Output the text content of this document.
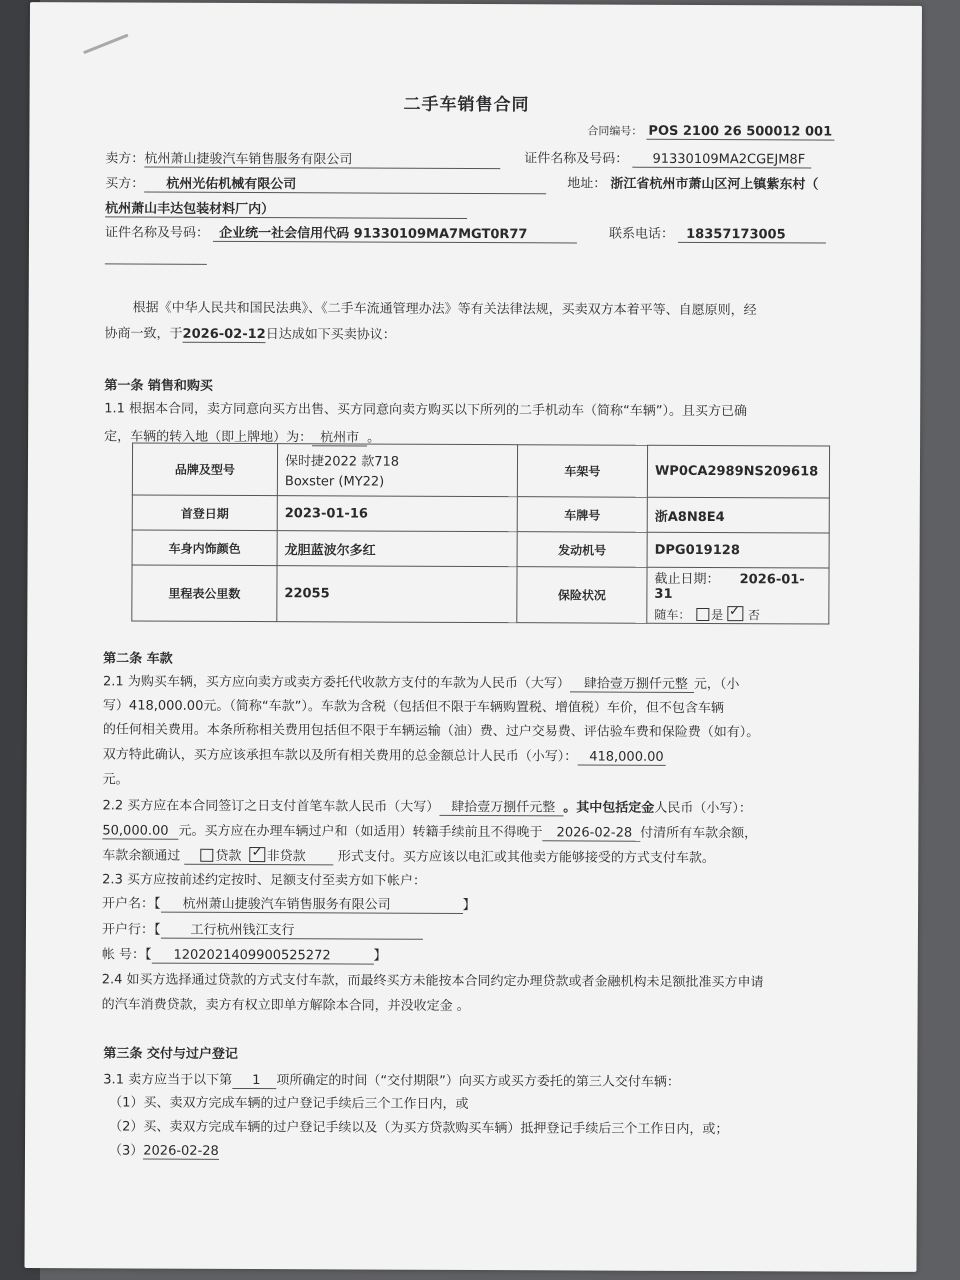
二手车销售合同
合同编号： POS 2100 26 500012 001
卖方：杭州萧山捷骏汽车销售服务有限公司	证件名称及号码： 91330109MA2CGEJM8F
买方： 杭州光佑机械有限公司	地址： 浙江省杭州市萧山区河上镇紫东村（
杭州萧山丰达包装材料厂内）
证件名称及号码： 企业统一社会信用代码 91330109MA7MGT0R77	联系电话： 18357173005
根据《中华人民共和国民法典》、《二手车流通管理办法》等有关法律法规，买卖双方本着平等、自愿原则，经
协商一致，于2026-02-12日达成如下买卖协议：
第一条 销售和购买
1.1 根据本合同，卖方同意向买方出售、买方同意向卖方购买以下所列的二手机动车（简称“车辆”）。且买方已确
定，车辆的转入地（即上牌地）为： 杭州市 。
品牌及型号	保时捷2022 款718
Boxster (MY22)	车架号	WP0CA2989NS209618
首登日期	2023-01-16	车牌号	浙A8N8E4
车身内饰颜色	龙胆蓝波尔多红	发动机号	DPG019128
里程表公里数	22055	保险状况	截止日期： 2026-01-31
随车： 是 ✓ 否
第二条 车款
2.1 为购买车辆，买方应向卖方或卖方委托代收款方支付的车款为人民币（大写） 肆拾壹万捌仟元整 元，（小
写）418,000.00元。（简称“车款”）。车款为含税（包括但不限于车辆购置税、增值税）车价，但不包含车辆
的任何相关费用。本条所称相关费用包括但不限于车辆运输（油）费、过户交易费、评估验车费和保险费（如有）。
双方特此确认，买方应该承担车款以及所有相关费用的总金额总计人民币（小写）： 418,000.00
元。
2.2 买方应在本合同签订之日支付首笔车款人民币（大写） 肆拾壹万捌仟元整 。其中包括定金人民币（小写）：
50,000.00 元。买方应在办理车辆过户和（如适用）转籍手续前且不得晚于 2026-02-28 付清所有车款余额，
车款余额通过	贷款 ✓ 非贷款 形式支付。买方应该以电汇或其他卖方能够接受的方式支付车款。
2.3 买方应按前述约定按时、足额支付至卖方如下帐户：
开户名：【 杭州萧山捷骏汽车销售服务有限公司	】
开户行：【 工行杭州钱江支行
帐 号：【 1202021409900525272	】
2.4 如买方选择通过贷款的方式支付车款，而最终买方未能按本合同约定办理贷款或者金融机构未足额批准买方申请
的汽车消费贷款，卖方有权立即单方解除本合同，并没收定金 。
第三条 交付与过户登记
3.1 卖方应当于以下第 1 项所确定的时间（“交付期限”）向买方或买方委托的第三人交付车辆：
（1）买、卖双方完成车辆的过户登记手续后三个工作日内，或
（2）买、卖双方完成车辆的过户登记手续以及（为买方贷款购买车辆）抵押登记手续后三个工作日内，或；
（3）2026-02-28
